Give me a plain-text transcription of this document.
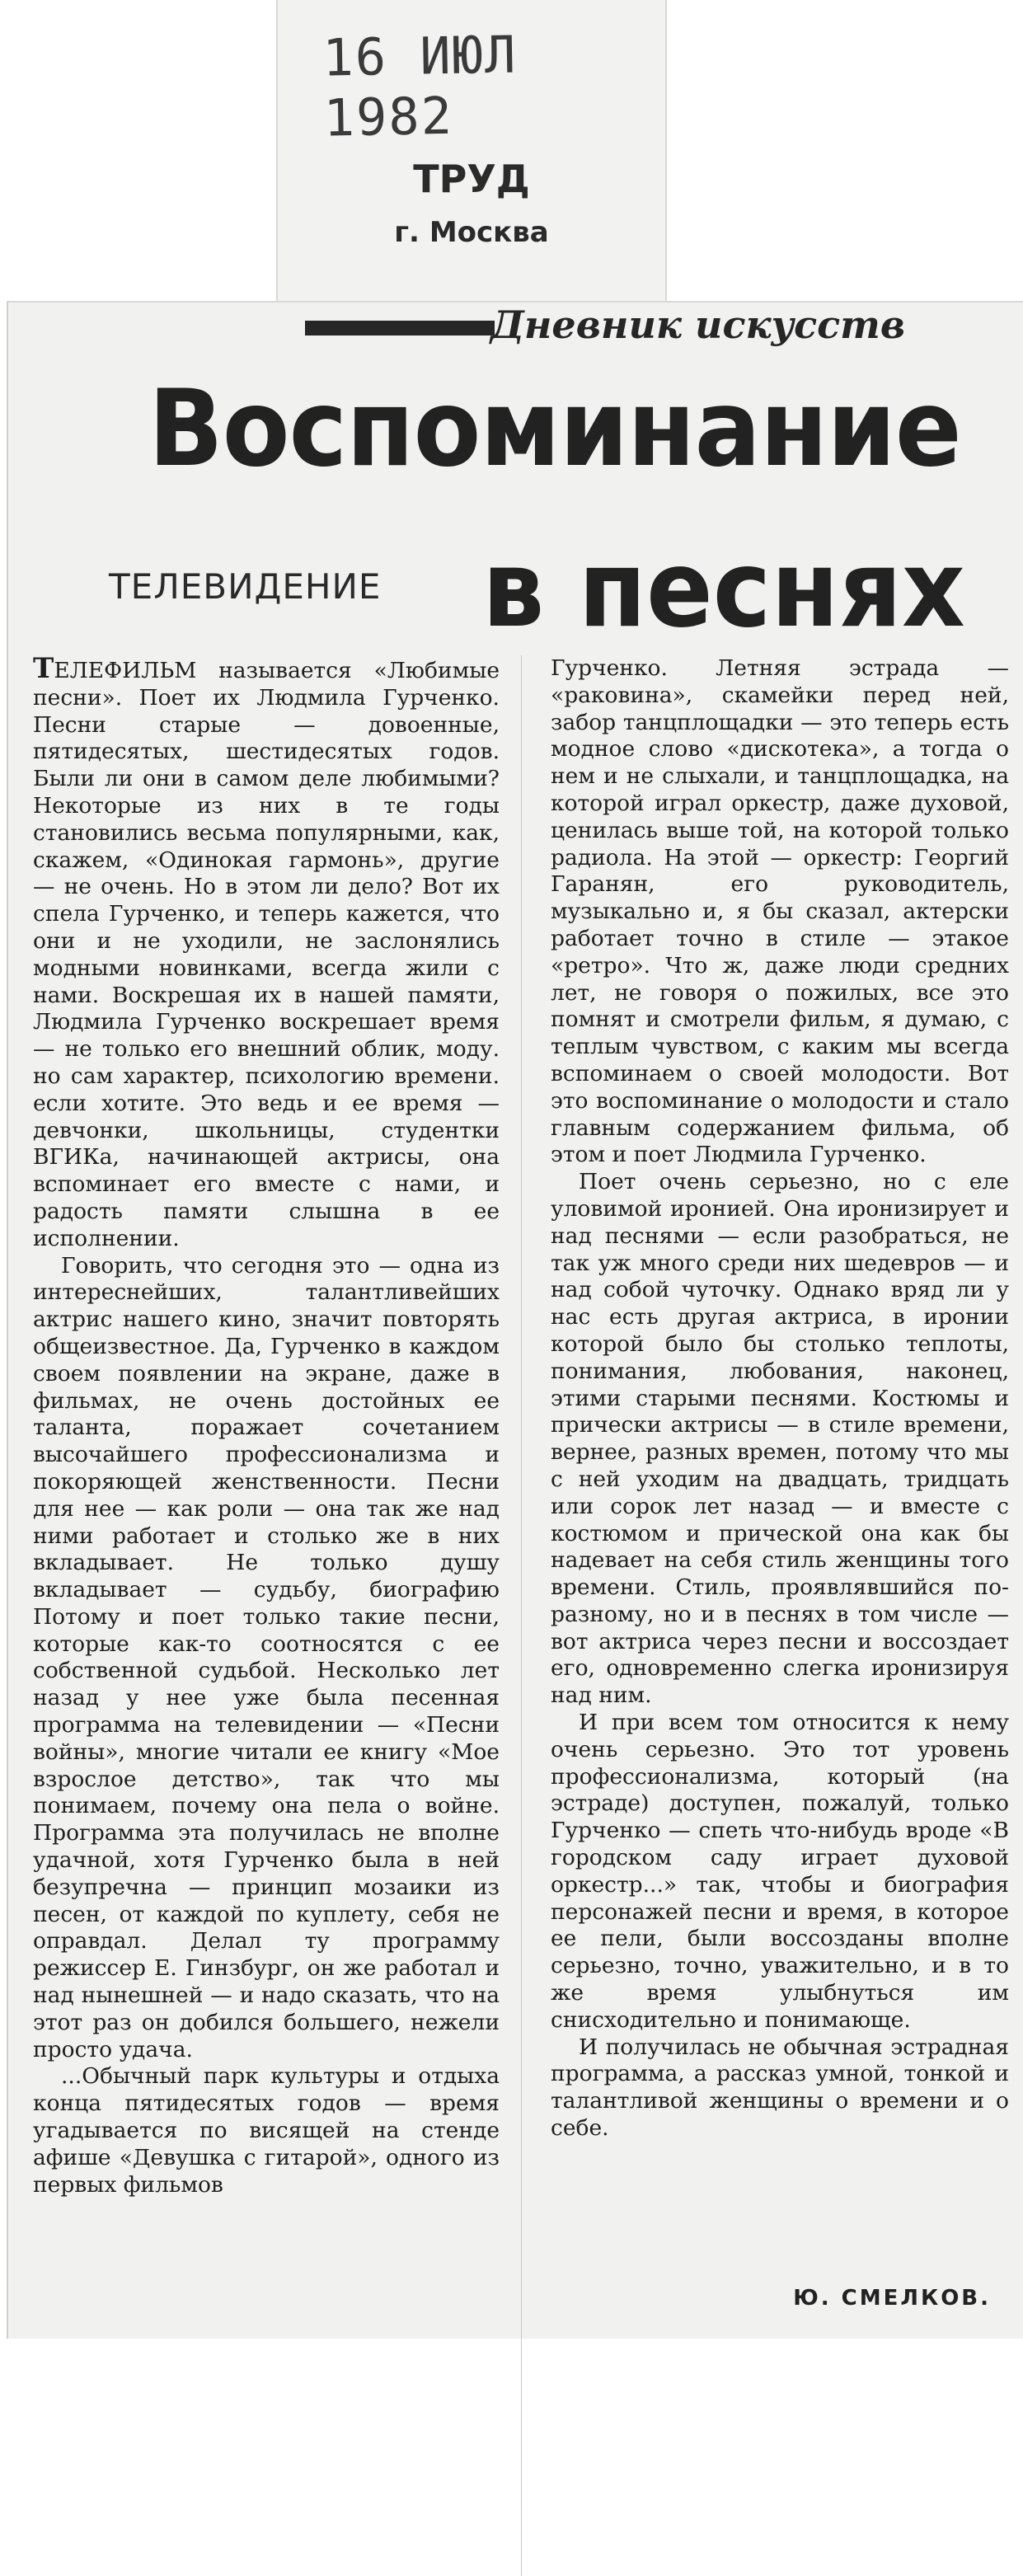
16 ИЮЛ 1982
ТРУД
г. Москва
Дневник искусств
Воспоминание
ТЕЛЕВИДЕНИЕ в песнях

ТЕЛЕФИЛЬМ называется «Любимые песни». Поет их Людмила Гурченко. Песни старые — довоенные, пятидесятых, шестидесятых годов. Были ли они в самом деле любимыми? Некоторые из них в те годы становились весьма популярными, как, скажем, «Одинокая гармонь», другие — не очень. Но в этом ли дело? Вот их спела Гурченко, и теперь кажется, что они и не уходили, не заслонялись модными новинками, всегда жили с нами. Воскрешая их в нашей памяти, Людмила Гурченко воскрешает время — не только его внешний облик, моду. но сам характер, психологию времени. если хотите. Это ведь и ее время — девчонки, школьницы, студентки ВГИКа, начинающей актрисы, она вспоминает его вместе с нами, и радость памяти слышна в ее исполнении.

Говорить, что сегодня это — одна из интереснейших, талантливейших актрис нашего кино, значит повторять общеизвестное. Да, Гурченко в каждом своем появлении на экране, даже в фильмах, не очень достойных ее таланта, поражает сочетанием высочайшего профессионализма и покоряющей женственности. Песни для нее — как роли — она так же над ними работает и столько же в них вкладывает. Не только душу вкладывает — судьбу, биографию Потому и поет только такие песни, которые как-то соотносятся с ее собственной судьбой. Несколько лет назад у нее уже была песенная программа на телевидении — «Песни войны», многие читали ее книгу «Мое взрослое детство», так что мы понимаем, почему она пела о войне. Программа эта получилась не вполне удачной, хотя Гурченко была в ней безупречна — принцип мозаики из песен, от каждой по куплету, себя не оправдал. Делал ту программу режиссер Е. Гинзбург, он же работал и над нынешней — и надо сказать, что на этот раз он добился большего, нежели просто удача.

...Обычный парк культуры и отдыха конца пятидесятых годов — время угадывается по висящей на стенде афише «Девушка с гитарой», одного из первых фильмов

Гурченко. Летняя эстрада — «раковина», скамейки перед ней, забор танцплощадки — это теперь есть модное слово «дискотека», а тогда о нем и не слыхали, и танцплощадка, на которой играл оркестр, даже духовой, ценилась выше той, на которой только радиола. На этой — оркестр: Георгий Гаранян, его руководитель, музыкально и, я бы сказал, актерски работает точно в стиле — этакое «ретро». Что ж, даже люди средних лет, не говоря о пожилых, все это помнят и смотрели фильм, я думаю, с теплым чувством, с каким мы всегда вспоминаем о своей молодости. Вот это воспоминание о молодости и стало главным содержанием фильма, об этом и поет Людмила Гурченко.

Поет очень серьезно, но с еле уловимой иронией. Она иронизирует и над песнями — если разобраться, не так уж много среди них шедевров — и над собой чуточку. Однако вряд ли у нас есть другая актриса, в иронии которой было бы столько теплоты, понимания, любования, наконец, этими старыми песнями. Костюмы и прически актрисы — в стиле времени, вернее, разных времен, потому что мы с ней уходим на двадцать, тридцать или сорок лет назад — и вместе с костюмом и прической она как бы надевает на себя стиль женщины того времени. Стиль, проявлявшийся по-разному, но и в песнях в том числе — вот актриса через песни и воссоздает его, одновременно слегка иронизируя над ним.

И при всем том относится к нему очень серьезно. Это тот уровень профессионализма, который (на эстраде) доступен, пожалуй, только Гурченко — спеть что-нибудь вроде «В городском саду играет духовой оркестр...» так, чтобы и биография персонажей песни и время, в которое ее пели, были воссозданы вполне серьезно, точно, уважительно, и в то же время улыбнуться им снисходительно и понимающе.

И получилась не обычная эстрадная программа, а рассказ умной, тонкой и талантливой женщины о времени и о себе.

Ю. СМЕЛКОВ.
